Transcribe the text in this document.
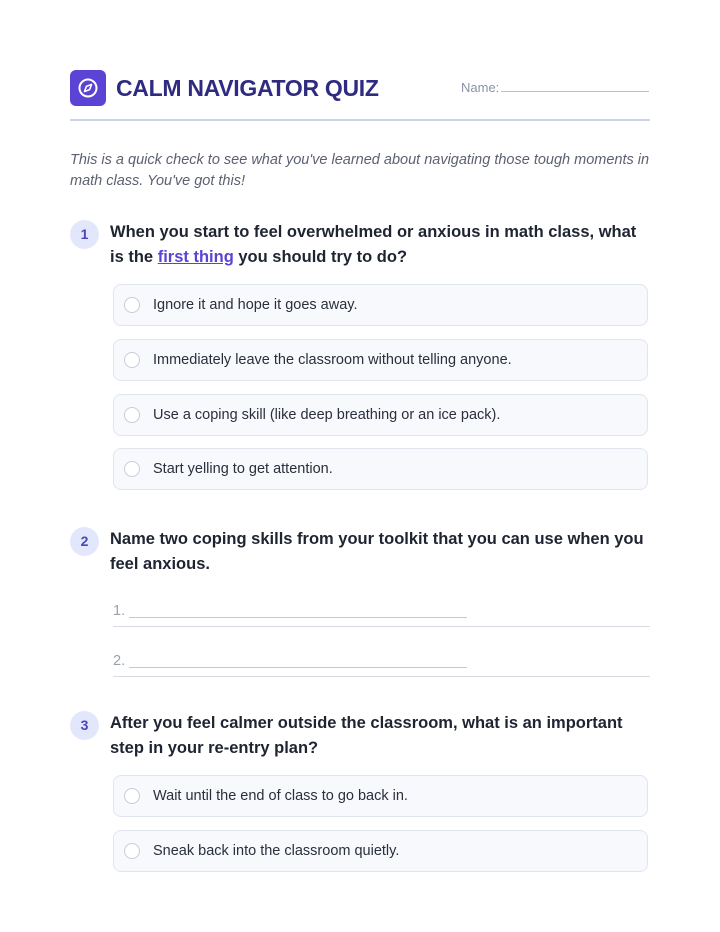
CALM NAVIGATOR QUIZ	Name:
This is a quick check to see what you've learned about navigating those tough moments in math class. You've got this!
1	When you start to feel overwhelmed or anxious in math class, what is the first thing you should try to do?
Ignore it and hope it goes away.
Immediately leave the classroom without telling anyone.
Use a coping skill (like deep breathing or an ice pack).
Start yelling to get attention.
2	Name two coping skills from your toolkit that you can use when you feel anxious.
1.
2.
3	After you feel calmer outside the classroom, what is an important step in your re-entry plan?
Wait until the end of class to go back in.
Sneak back into the classroom quietly.
